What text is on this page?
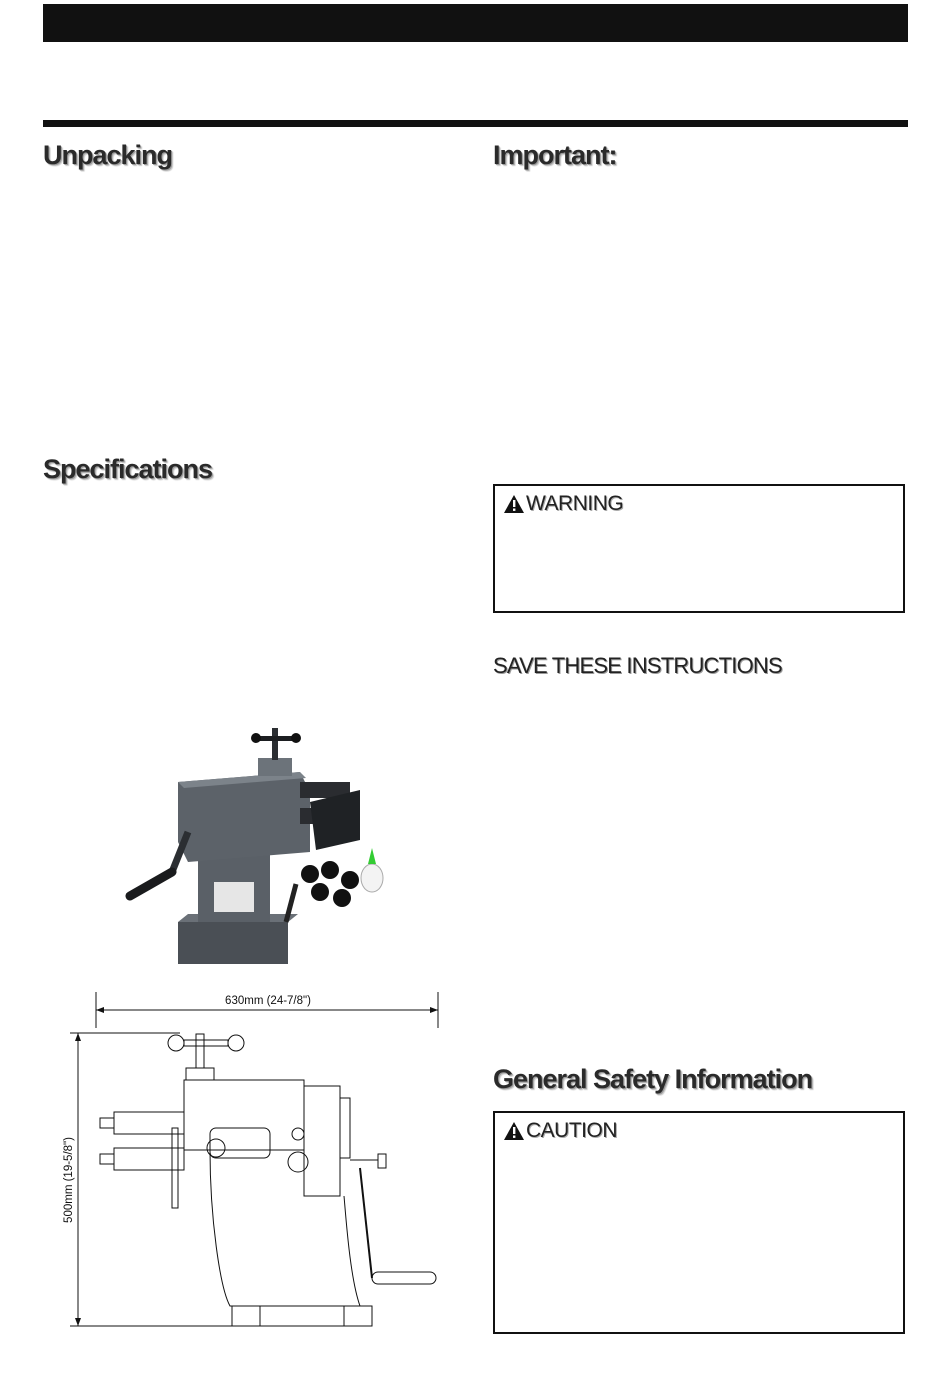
Unpacking
Specifications
Important:
General Safety Information
WARNING
SAVE THESE INSTRUCTIONS
CAUTION
630mm (24-7/8")
500mm (19-5/8")
